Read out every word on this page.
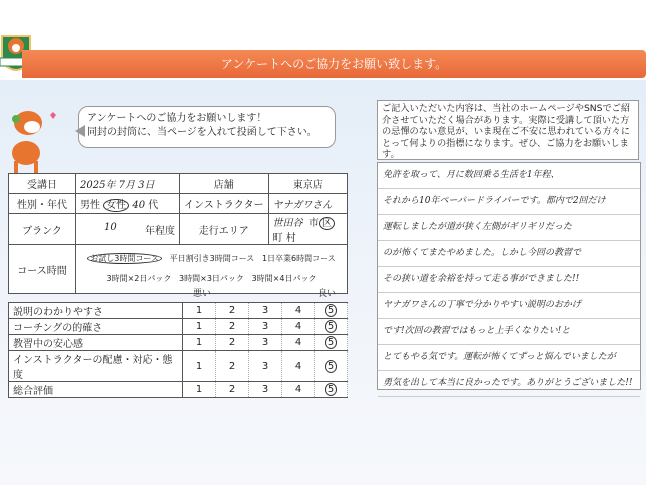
アンケートへのご協力をお願い致します。
アンケートへのご協力をお願いします！
同封の封筒に、当ページを入れて投函して下さい。
受講日	2025年 7月 3日	店舗	東京店
性別・年代	男性 女性 40 代	インストラクター	ヤナガワさん
ブランク	10 年程度	走行エリア	世田谷 市 区町 村
コース時間	お試し3時間コース 平日割引き3時間コース 1日卒業6時間コース
3時間×2日パック 3時間×3日パック 3時間×4日パック		
悪い	良い
説明のわかりやすさ	1	2	3	4	5
コーチングの的確さ	1	2	3	4	5
教習中の安心感	1	2	3	4	5
インストラクターの配慮・対応・態度	1	2	3	4	5
総合評価	1	2	3	4	5
ご記入いただいた内容は、当社のホームページやSNSでご紹介させていただく場合があります。実際に受講して頂いた方の忌憚のない意見が、いま現在ご不安に思われている方々にとって何よりの指標になります。ぜひ、ご協力をお願いします。
免許を取って、月に数回乗る生活を1年程、
それから10年ペーパードライバーです。都内で2回だけ
運転しましたが道が狭く左側がギリギリだった
のが怖くてまたやめました。しかし今回の教習で
その狭い道を余裕を持って走る事ができました!!
ヤナガワさんの丁寧で分かりやすい説明のおかげ
です!次回の教習ではもっと上手くなりたい!と
とてもやる気です。運転が怖くてずっと悩んでいましたが
勇気を出して本当に良かったです。ありがとうございました!!
